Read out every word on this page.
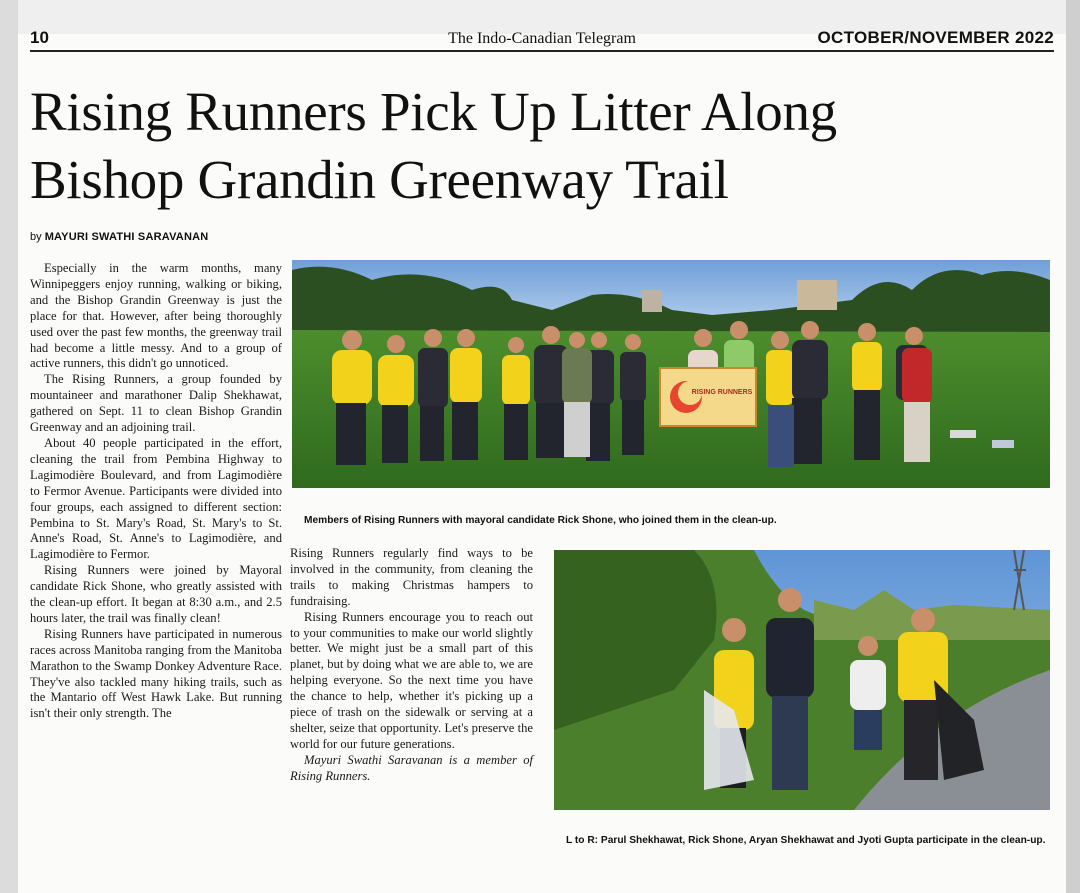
10	The Indo-Canadian Telegram	OCTOBER/NOVEMBER 2022
Rising Runners Pick Up Litter Along
Bishop Grandin Greenway Trail
by MAYURI SWATHI SARAVANAN

Especially in the warm months, many Winnipeggers enjoy running, walking or biking, and the Bishop Grandin Greenway is just the place for that. However, after being thoroughly used over the past few months, the greenway trail had become a little messy. And to a group of active runners, this didn't go unnoticed.

The Rising Runners, a group founded by mountaineer and marathoner Dalip Shekhawat, gathered on Sept. 11 to clean Bishop Grandin Greenway and an adjoining trail.

About 40 people participated in the effort, cleaning the trail from Pembina Highway to Lagimodière Boulevard, and from Lagimodière to Fermor Avenue. Participants were divided into four groups, each assigned to different section: Pembina to St. Mary's Road, St. Mary's to St. Anne's Road, St. Anne's to Lagimodière, and Lagimodière to Fermor.

Rising Runners were joined by Mayoral candidate Rick Shone, who greatly assisted with the clean-up effort. It began at 8:30 a.m., and 2.5 hours later, the trail was finally clean!

Rising Runners have participated in numerous races across Manitoba ranging from the Manitoba Marathon to the Swamp Donkey Adventure Race. They've also tackled many hiking trails, such as the Mantario off West Hawk Lake. But running isn't their only strength. The

RISING RUNNERS
Members of Rising Runners with mayoral candidate Rick Shone, who joined them in the clean-up.

Rising Runners regularly find ways to be involved in the community, from cleaning the trails to making Christmas hampers to fundraising.

Rising Runners encourage you to reach out to your communities to make our world slightly better. We might just be a small part of this planet, but by doing what we are able to, we are helping everyone. So the next time you have the chance to help, whether it's picking up a piece of trash on the sidewalk or serving at a shelter, seize that opportunity. Let's preserve the world for our future generations.

Mayuri Swathi Saravanan is a member of Rising Runners.

L to R: Parul Shekhawat, Rick Shone, Aryan Shekhawat and Jyoti Gupta participate in the clean-up.
